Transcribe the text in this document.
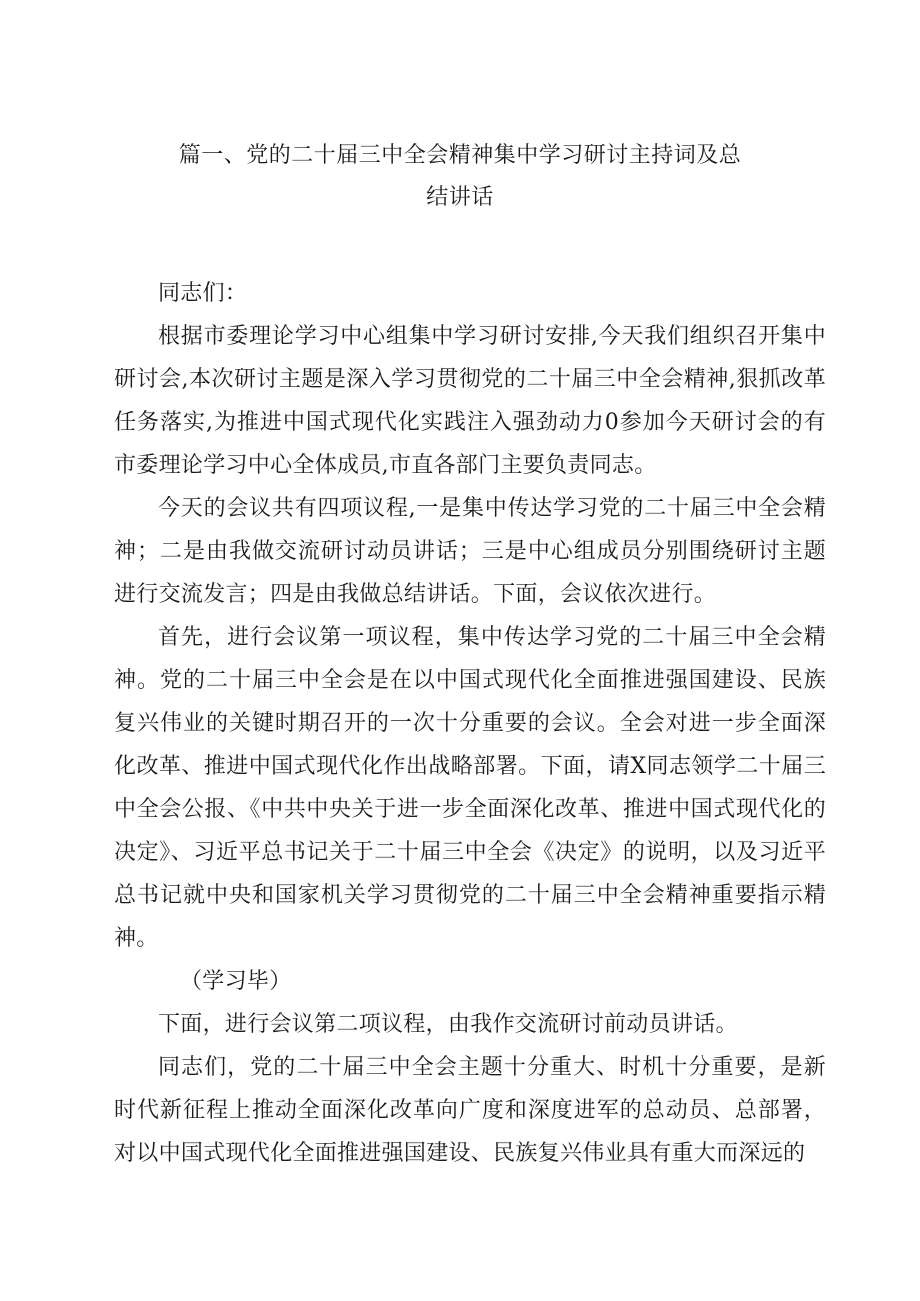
篇一、党的二十届三中全会精神集中学习研讨主持词及总
结讲话

同志们：

根据市委理论学习中心组集中学习研讨安排,今天我们组织召开集中研讨会,本次研讨主题是深入学习贯彻党的二十届三中全会精神,狠抓改革任务落实,为推进中国式现代化实践注入强劲动力0参加今天研讨会的有市委理论学习中心全体成员,市直各部门主要负责同志。

今天的会议共有四项议程,一是集中传达学习党的二十届三中全会精神；二是由我做交流研讨动员讲话；三是中心组成员分别围绕研讨主题进行交流发言；四是由我做总结讲话。下面，会议依次进行。

首先，进行会议第一项议程，集中传达学习党的二十届三中全会精神。党的二十届三中全会是在以中国式现代化全面推进强国建设、民族复兴伟业的关键时期召开的一次十分重要的会议。全会对进一步全面深化改革、推进中国式现代化作出战略部署。下面，请X同志领学二十届三中全会公报、《中共中央关于进一步全面深化改革、推进中国式现代化的决定》、习近平总书记关于二十届三中全会《决定》的说明，以及习近平总书记就中央和国家机关学习贯彻党的二十届三中全会精神重要指示精神。

（学习毕）

下面，进行会议第二项议程，由我作交流研讨前动员讲话。

同志们，党的二十届三中全会主题十分重大、时机十分重要，是新时代新征程上推动全面深化改革向广度和深度进军的总动员、总部署，对以中国式现代化全面推进强国建设、民族复兴伟业具有重大而深远的
